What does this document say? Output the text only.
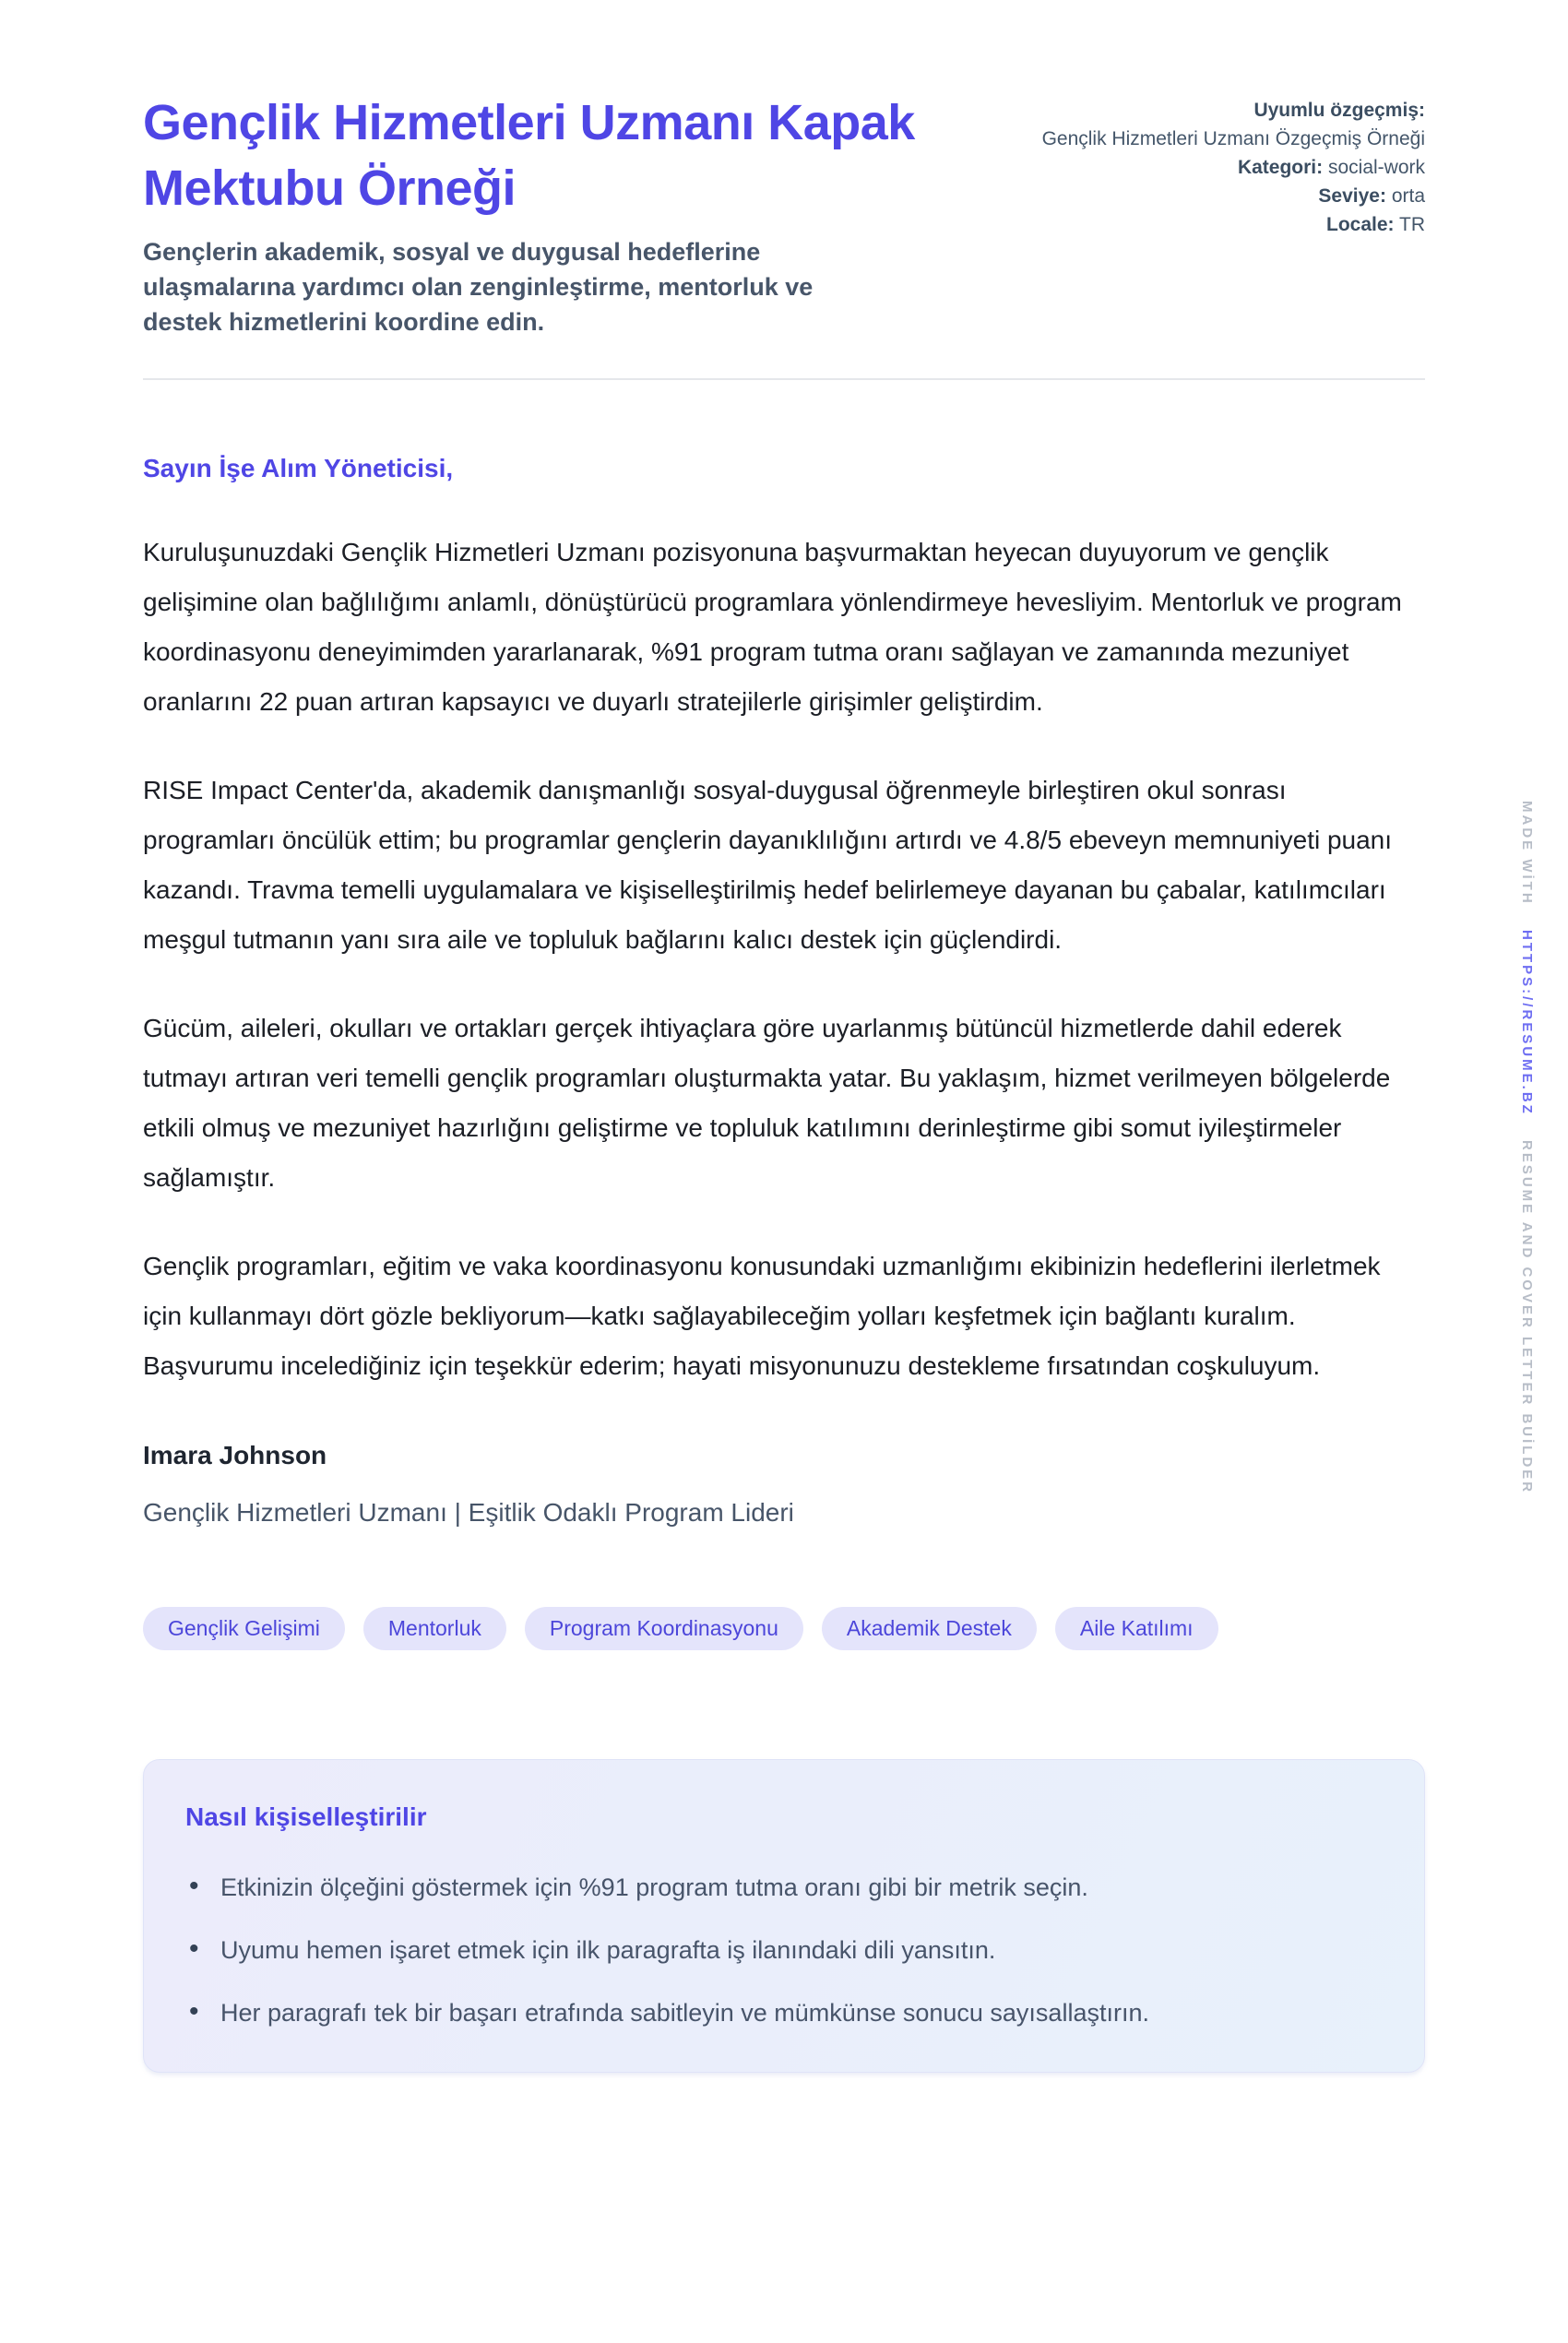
MADE WİTH
HTTPS://RESUME.BZ
RESUME AND COVER LETTER BUİLDER
Gençlik Hizmetleri Uzmanı Kapak Mektubu Örneği

Gençlerin akademik, sosyal ve duygusal hedeflerine ulaşmalarına yardımcı olan zenginleştirme, mentorluk ve destek hizmetlerini koordine edin.

Uyumlu özgeçmiş:
Gençlik Hizmetleri Uzmanı Özgeçmiş Örneği
Kategori: social-work
Seviye: orta
Locale: TR

Sayın İşe Alım Yöneticisi,

Kuruluşunuzdaki Gençlik Hizmetleri Uzmanı pozisyonuna başvurmaktan heyecan duyuyorum ve gençlik gelişimine olan bağlılığımı anlamlı, dönüştürücü programlara yönlendirmeye hevesliyim. Mentorluk ve program koordinasyonu deneyimimden yararlanarak, %91 program tutma oranı sağlayan ve zamanında mezuniyet oranlarını 22 puan artıran kapsayıcı ve duyarlı stratejilerle girişimler geliştirdim.

RISE Impact Center'da, akademik danışmanlığı sosyal-duygusal öğrenmeyle birleştiren okul sonrası programları öncülük ettim; bu programlar gençlerin dayanıklılığını artırdı ve 4.8/5 ebeveyn memnuniyeti puanı kazandı. Travma temelli uygulamalara ve kişiselleştirilmiş hedef belirlemeye dayanan bu çabalar, katılımcıları meşgul tutmanın yanı sıra aile ve topluluk bağlarını kalıcı destek için güçlendirdi.

Gücüm, aileleri, okulları ve ortakları gerçek ihtiyaçlara göre uyarlanmış bütüncül hizmetlerde dahil ederek tutmayı artıran veri temelli gençlik programları oluşturmakta yatar. Bu yaklaşım, hizmet verilmeyen bölgelerde etkili olmuş ve mezuniyet hazırlığını geliştirme ve topluluk katılımını derinleştirme gibi somut iyileştirmeler sağlamıştır.

Gençlik programları, eğitim ve vaka koordinasyonu konusundaki uzmanlığımı ekibinizin hedeflerini ilerletmek için kullanmayı dört gözle bekliyorum—katkı sağlayabileceğim yolları keşfetmek için bağlantı kuralım. Başvurumu incelediğiniz için teşekkür ederim; hayati misyonunuzu destekleme fırsatından coşkuluyum.

Imara Johnson

Gençlik Hizmetleri Uzmanı | Eşitlik Odaklı Program Lideri

Gençlik Gelişimi	Mentorluk	Program Koordinasyonu	Akademik Destek	Aile Katılımı
Nasıl kişiselleştirilir
• Etkinizin ölçeğini göstermek için %91 program tutma oranı gibi bir metrik seçin.
• Uyumu hemen işaret etmek için ilk paragrafta iş ilanındaki dili yansıtın.
• Her paragrafı tek bir başarı etrafında sabitleyin ve mümkünse sonucu sayısallaştırın.
